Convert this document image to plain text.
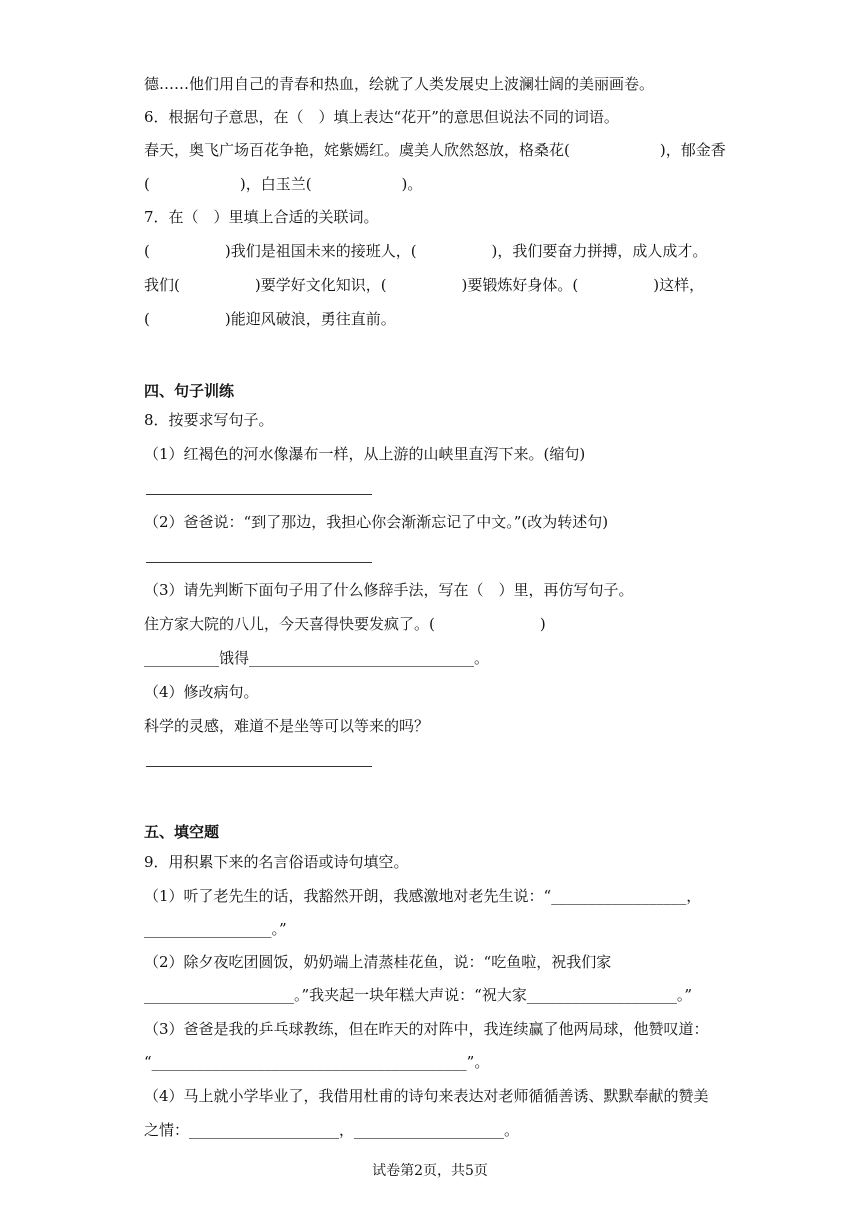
德……他们用自己的青春和热血，绘就了人类发展史上波澜壮阔的美丽画卷。
6．根据句子意思，在（　）填上表达“花开”的意思但说法不同的词语。
春天，奥飞广场百花争艳，姹紫嫣红。虞美人欣然怒放，格桑花(　　　　　　)，郁金香
(　　　　　　)，白玉兰(　　　　　　)。
7．在（　）里填上合适的关联词。
(　　　　　)我们是祖国未来的接班人，(　　　　　)，我们要奋力拼搏，成人成才。
我们(　　　　　)要学好文化知识，(　　　　　)要锻炼好身体。(　　　　　)这样，
(　　　　　)能迎风破浪，勇往直前。
四、句子训练
8．按要求写句子。
（1）红褐色的河水像瀑布一样，从上游的山峡里直泻下来。(缩句)
（2）爸爸说：“到了那边，我担心你会渐渐忘记了中文。”(改为转述句)
（3）请先判断下面句子用了什么修辞手法，写在（　）里，再仿写句子。
住方家大院的八儿，今天喜得快要发疯了。(　　　　　　　)
__________饿得______________________________。
（4）修改病句。
科学的灵感，难道不是坐等可以等来的吗？
五、填空题
9．用积累下来的名言俗语或诗句填空。
（1）听了老先生的话，我豁然开朗，我感激地对老先生说：“__________________，
_________________。”
（2）除夕夜吃团圆饭，奶奶端上清蒸桂花鱼，说：“吃鱼啦，祝我们家
____________________。”我夹起一块年糕大声说：“祝大家____________________。”
（3）爸爸是我的乒乓球教练，但在昨天的对阵中，我连续赢了他两局球，他赞叹道：
“__________________________________________”。
（4）马上就小学毕业了，我借用杜甫的诗句来表达对老师循循善诱、默默奉献的赞美
之情：____________________，____________________。
试卷第2页，共5页
